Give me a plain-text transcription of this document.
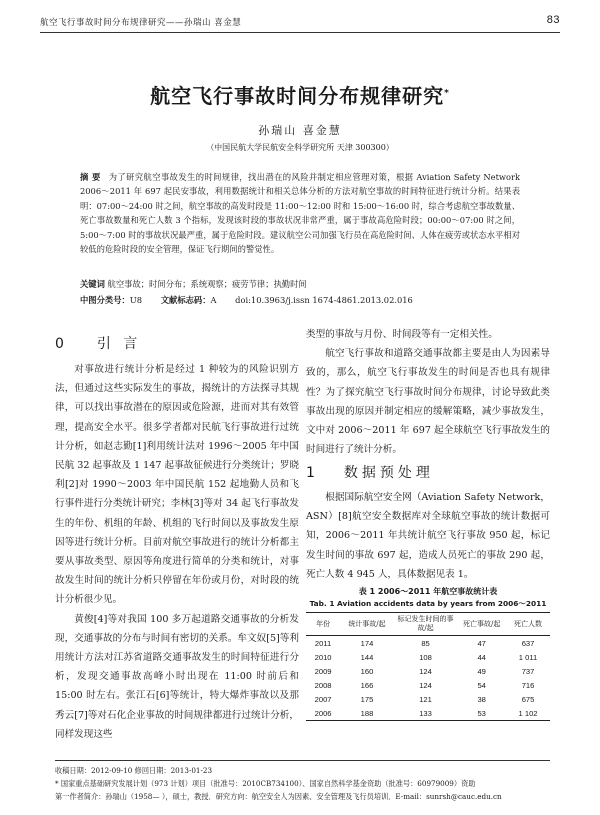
航空飞行事故时间分布规律研究——孙瑞山 喜金慧	83
航空飞行事故时间分布规律研究*
孙瑞山 喜金慧
（中国民航大学民航安全科学研究所 天津 300300）
摘 要 为了研究航空事故发生的时间规律，找出潜在的风险并制定相应管理对策，根据 Aviation Safety Network 2006～2011 年 697 起民安事故，利用数据统计和相关总体分析的方法对航空事故的时间特征进行统计分析。结果表明：07:00～24:00 时之间，航空事故的高发时段是 11:00～12:00 时和 15:00～16:00 时，综合考虑航空事故数量、死亡事故数量和死亡人数 3 个指标，发现该时段的事故状况非常严重，属于事故高危险时段；00:00～07:00 时之间，5:00～7:00 时的事故状况最严重，属于危险时段。建议航空公司加强飞行员在高危险时间、人体在疲劳或状态水平相对较低的危险时段的安全管理，保证飞行期间的警觉性。
关键词 航空事故；时间分布；系统观察；疲劳节律；执勤时间
中图分类号：U8 文献标志码：A doi:10.3963/j.issn 1674-4861.2013.02.016
0 引 言

对事故进行统计分析是经过 1 种较为的风险识别方法，但通过这些实际发生的事故，揭统计的方法探寻其规律，可以找出事故潜在的原因或危险源，进而对其有效管理，提高安全水平。很多学者都对民航飞行事故进行过统计分析，如赵志勤[1]利用统计法对 1996～2005 年中国民航 32 起事故及 1 147 起事故征候进行分类统计；罗晓利[2]对 1990～2003 年中国民航 152 起地勤人员和飞行事件进行分类统计研究；李林[3]等对 34 起飞行事故发生的年份、机组的年龄、机组的飞行时间以及事故发生原因等进行统计分析。目前对航空事故进行的统计分析都主要从事故类型、原因等角度进行简单的分类和统计，对事故发生时间的统计分析只停留在年份或月份，对时段的统计分析很少见。

黄俊[4]等对我国 100 多万起道路交通事故的分析发现，交通事故的分布与时间有密切的关系。牟文奴[5]等利用统计方法对江苏省道路交通事故发生的时间特征进行分析，发现交通事故高峰小时出现在 11:00 时前后和 15:00 时左右。张江石[6]等统计，特大爆炸事故以及那秀云[7]等对石化企业事故的时间规律都进行过统计分析，同样发现这些

类型的事故与月份、时间段等有一定相关性。

航空飞行事故和道路交通事故都主要是由人为因素导致的，那么，航空飞行事故发生的时间是否也具有规律性？为了探究航空飞行事故时间分布规律，讨论导致此类事故出现的原因并制定相应的缓解策略，减少事故发生，文中对 2006～2011 年 697 起全球航空飞行事故发生的时间进行了统计分析。

1 数据预处理

根据国际航空安全网（Aviation Safety Network，ASN）[8]航空安全数据库对全球航空事故的统计数据可知，2006～2011 年共统计航空飞行事故 950 起，标记发生时间的事故 697 起，造成人员死亡的事故 290 起，死亡人数 4 945 人，具体数据见表 1。

表 1 2006～2011 年航空事故统计表
Tab. 1 Aviation accidents data by years from 2006～2011
年份	统计事故/起	标记发生时间的事故/起	死亡事故/起	死亡人数
2011	174	85	47	637
2010	144	108	44	1 011
2009	160	124	49	737
2008	166	124	54	716
2007	175	121	38	675
2006	188	133	53	1 102
收稿日期：2012-09-10 修回日期：2013-01-23
* 国家重点基础研究发展计划（973 计划）项目（批准号：2010CB734100）、国家自然科学基金资助（批准号：60979009）资助
第一作者简介：孙瑞山（1958— ），硕士，教授．研究方向：航空安全人为因素、安全管理及飞行员培训．E-mail：sunrsh@cauc.edu.cn
